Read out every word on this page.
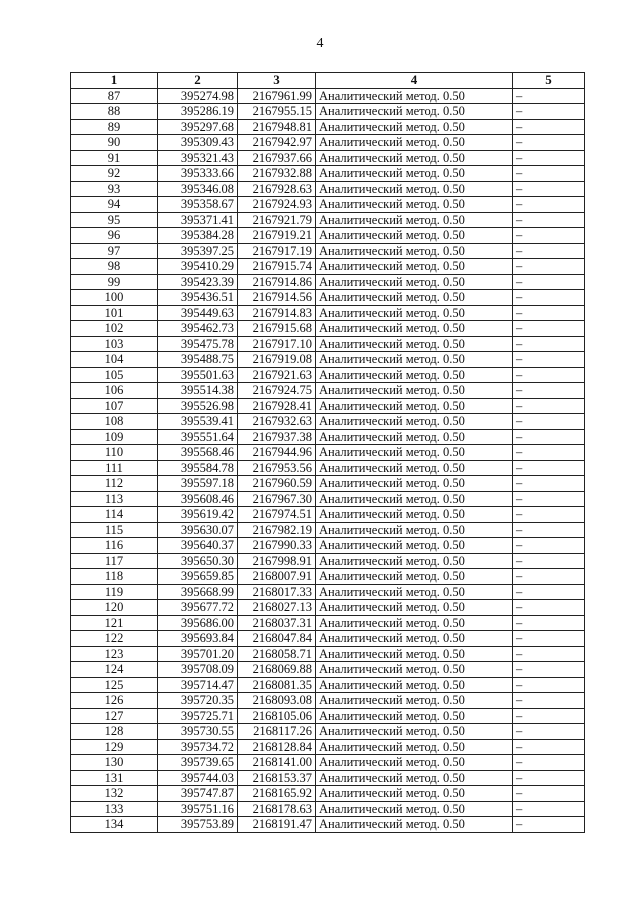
4
1	2	3	4	5
87	395274.98	2167961.99	Аналитический метод. 0.50	–
88	395286.19	2167955.15	Аналитический метод. 0.50	–
89	395297.68	2167948.81	Аналитический метод. 0.50	–
90	395309.43	2167942.97	Аналитический метод. 0.50	–
91	395321.43	2167937.66	Аналитический метод. 0.50	–
92	395333.66	2167932.88	Аналитический метод. 0.50	–
93	395346.08	2167928.63	Аналитический метод. 0.50	–
94	395358.67	2167924.93	Аналитический метод. 0.50	–
95	395371.41	2167921.79	Аналитический метод. 0.50	–
96	395384.28	2167919.21	Аналитический метод. 0.50	–
97	395397.25	2167917.19	Аналитический метод. 0.50	–
98	395410.29	2167915.74	Аналитический метод. 0.50	–
99	395423.39	2167914.86	Аналитический метод. 0.50	–
100	395436.51	2167914.56	Аналитический метод. 0.50	–
101	395449.63	2167914.83	Аналитический метод. 0.50	–
102	395462.73	2167915.68	Аналитический метод. 0.50	–
103	395475.78	2167917.10	Аналитический метод. 0.50	–
104	395488.75	2167919.08	Аналитический метод. 0.50	–
105	395501.63	2167921.63	Аналитический метод. 0.50	–
106	395514.38	2167924.75	Аналитический метод. 0.50	–
107	395526.98	2167928.41	Аналитический метод. 0.50	–
108	395539.41	2167932.63	Аналитический метод. 0.50	–
109	395551.64	2167937.38	Аналитический метод. 0.50	–
110	395568.46	2167944.96	Аналитический метод. 0.50	–
111	395584.78	2167953.56	Аналитический метод. 0.50	–
112	395597.18	2167960.59	Аналитический метод. 0.50	–
113	395608.46	2167967.30	Аналитический метод. 0.50	–
114	395619.42	2167974.51	Аналитический метод. 0.50	–
115	395630.07	2167982.19	Аналитический метод. 0.50	–
116	395640.37	2167990.33	Аналитический метод. 0.50	–
117	395650.30	2167998.91	Аналитический метод. 0.50	–
118	395659.85	2168007.91	Аналитический метод. 0.50	–
119	395668.99	2168017.33	Аналитический метод. 0.50	–
120	395677.72	2168027.13	Аналитический метод. 0.50	–
121	395686.00	2168037.31	Аналитический метод. 0.50	–
122	395693.84	2168047.84	Аналитический метод. 0.50	–
123	395701.20	2168058.71	Аналитический метод. 0.50	–
124	395708.09	2168069.88	Аналитический метод. 0.50	–
125	395714.47	2168081.35	Аналитический метод. 0.50	–
126	395720.35	2168093.08	Аналитический метод. 0.50	–
127	395725.71	2168105.06	Аналитический метод. 0.50	–
128	395730.55	2168117.26	Аналитический метод. 0.50	–
129	395734.72	2168128.84	Аналитический метод. 0.50	–
130	395739.65	2168141.00	Аналитический метод. 0.50	–
131	395744.03	2168153.37	Аналитический метод. 0.50	–
132	395747.87	2168165.92	Аналитический метод. 0.50	–
133	395751.16	2168178.63	Аналитический метод. 0.50	–
134	395753.89	2168191.47	Аналитический метод. 0.50	–
